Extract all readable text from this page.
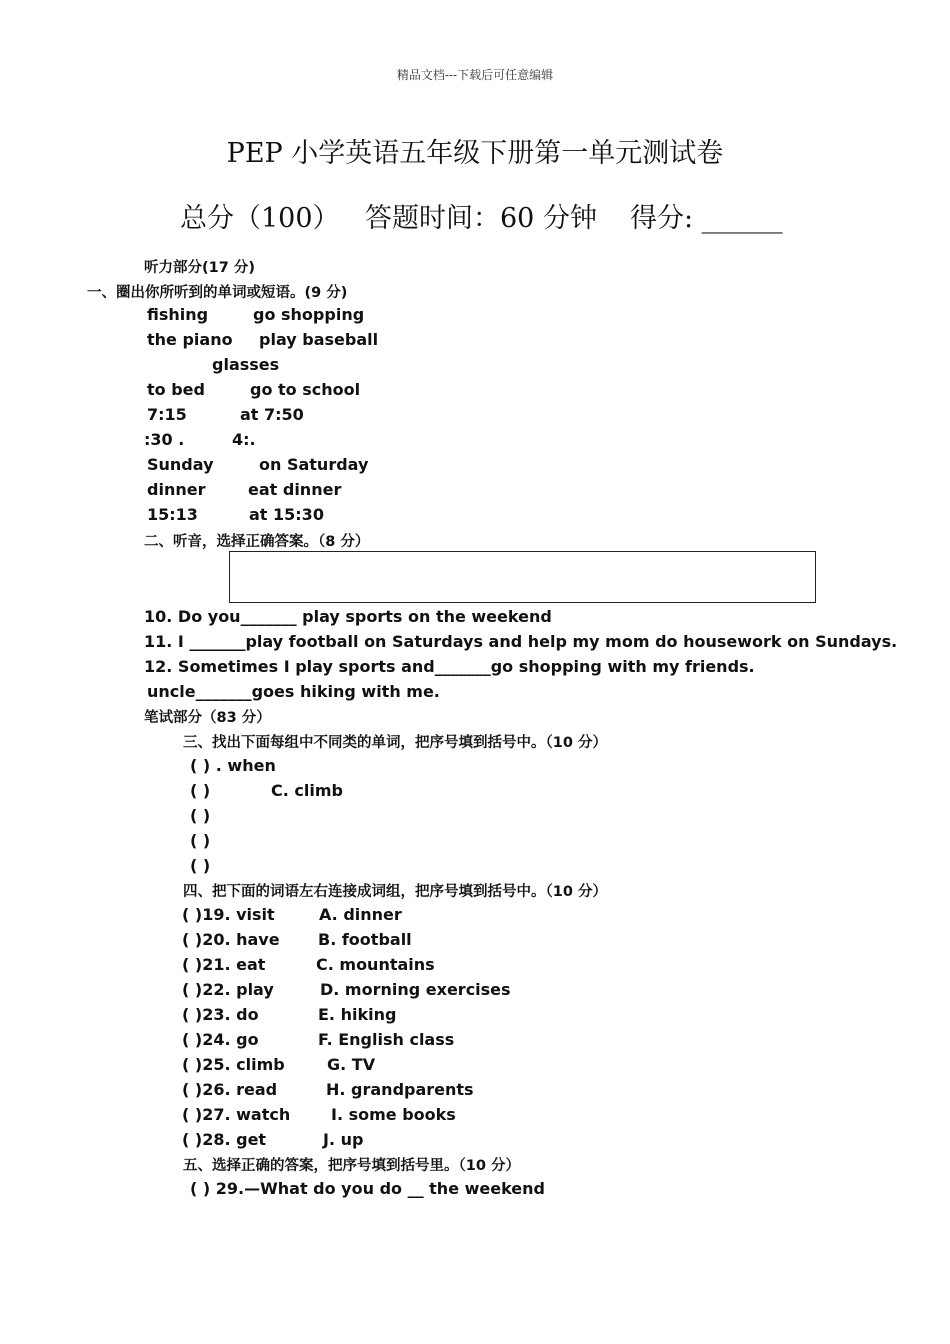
精品文档---下载后可任意编辑
PEP 小学英语五年级下册第一单元测试卷
总分（100） 答题时间：60 分钟 得分: ______
听力部分(17 分)
一、圈出你所听到的单词或短语。(9 分)
fishing	go shopping
the piano play baseball
glasses
to bed	go to school
7:15	at 7:50
:30 .	4:.
Sunday	on Saturday
dinner	eat dinner
15:13	at 15:30
二、听音，选择正确答案。（8 分）
10. Do you_______ play sports on the weekend
11. I _______play football on Saturdays and help my mom do housework on Sundays.
12. Sometimes I play sports and_______go shopping with my friends.
uncle_______goes hiking with me.
笔试部分（83 分）
三、找出下面每组中不同类的单词，把序号填到括号中。（10 分）
( ) . when
( )	C. climb
( )
( )
( )
四、把下面的词语左右连接成词组，把序号填到括号中。（10 分）
( )19. visit	A. dinner
( )20. have B. football
( )21. eat	C. mountains
( )22. play	D. morning exercises
( )23. do	E. hiking
( )24. go	F. English class
( )25. climb	G. TV
( )26. read	H. grandparents
( )27. watch	I. some books
( )28. get	J. up
五、选择正确的答案，把序号填到括号里。（10 分）
( ) 29.—What do you do __ the weekend
